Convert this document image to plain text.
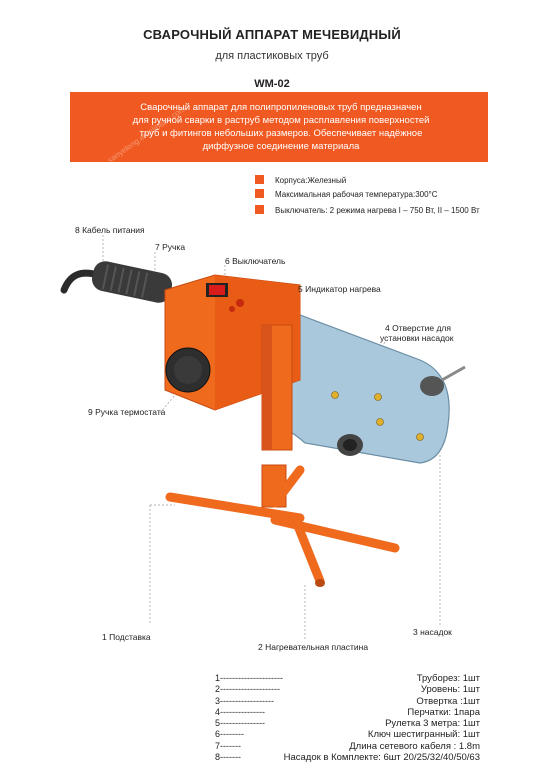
СВАРОЧНЫЙ АППАРАТ МЕЧЕВИДНЫЙ
для пластиковых труб
WM-02
Сварочный аппарат для полипропиленовых труб предназначен
для ручной сварки в раструб методом расплавления поверхностей
труб и фитингов небольших размеров. Обеспечивает надёжное
диффузное соединение материала
Корпуса:Железный
Максимальная рабочая температура:300°C
Выключатель: 2 режима нагрева I – 750 Вт, II – 1500 Вт
8 Кабель питания
7 Ручка
6 Выключатель
5 Индикатор нагрева
4 Отверстие для
установки насадок
9 Ручка термостата
1 Подставка
2 Нагревательная пластина
3 насадок
1---------------------
2--------------------
3------------------
4---------------
5---------------
6--------
7-------
8-------
Труборез: 1шт
Уровень: 1шт
Отвертка :1шт
Перчатки: 1пара
Рулетка 3 метра: 1шт
Ключ шестигранный: 1шт
Длина сетевого кабеля : 1.8m
Насадок в Комплекте: 6шт 20/25/32/40/50/63
sanyeleng.en.alibaba.com
